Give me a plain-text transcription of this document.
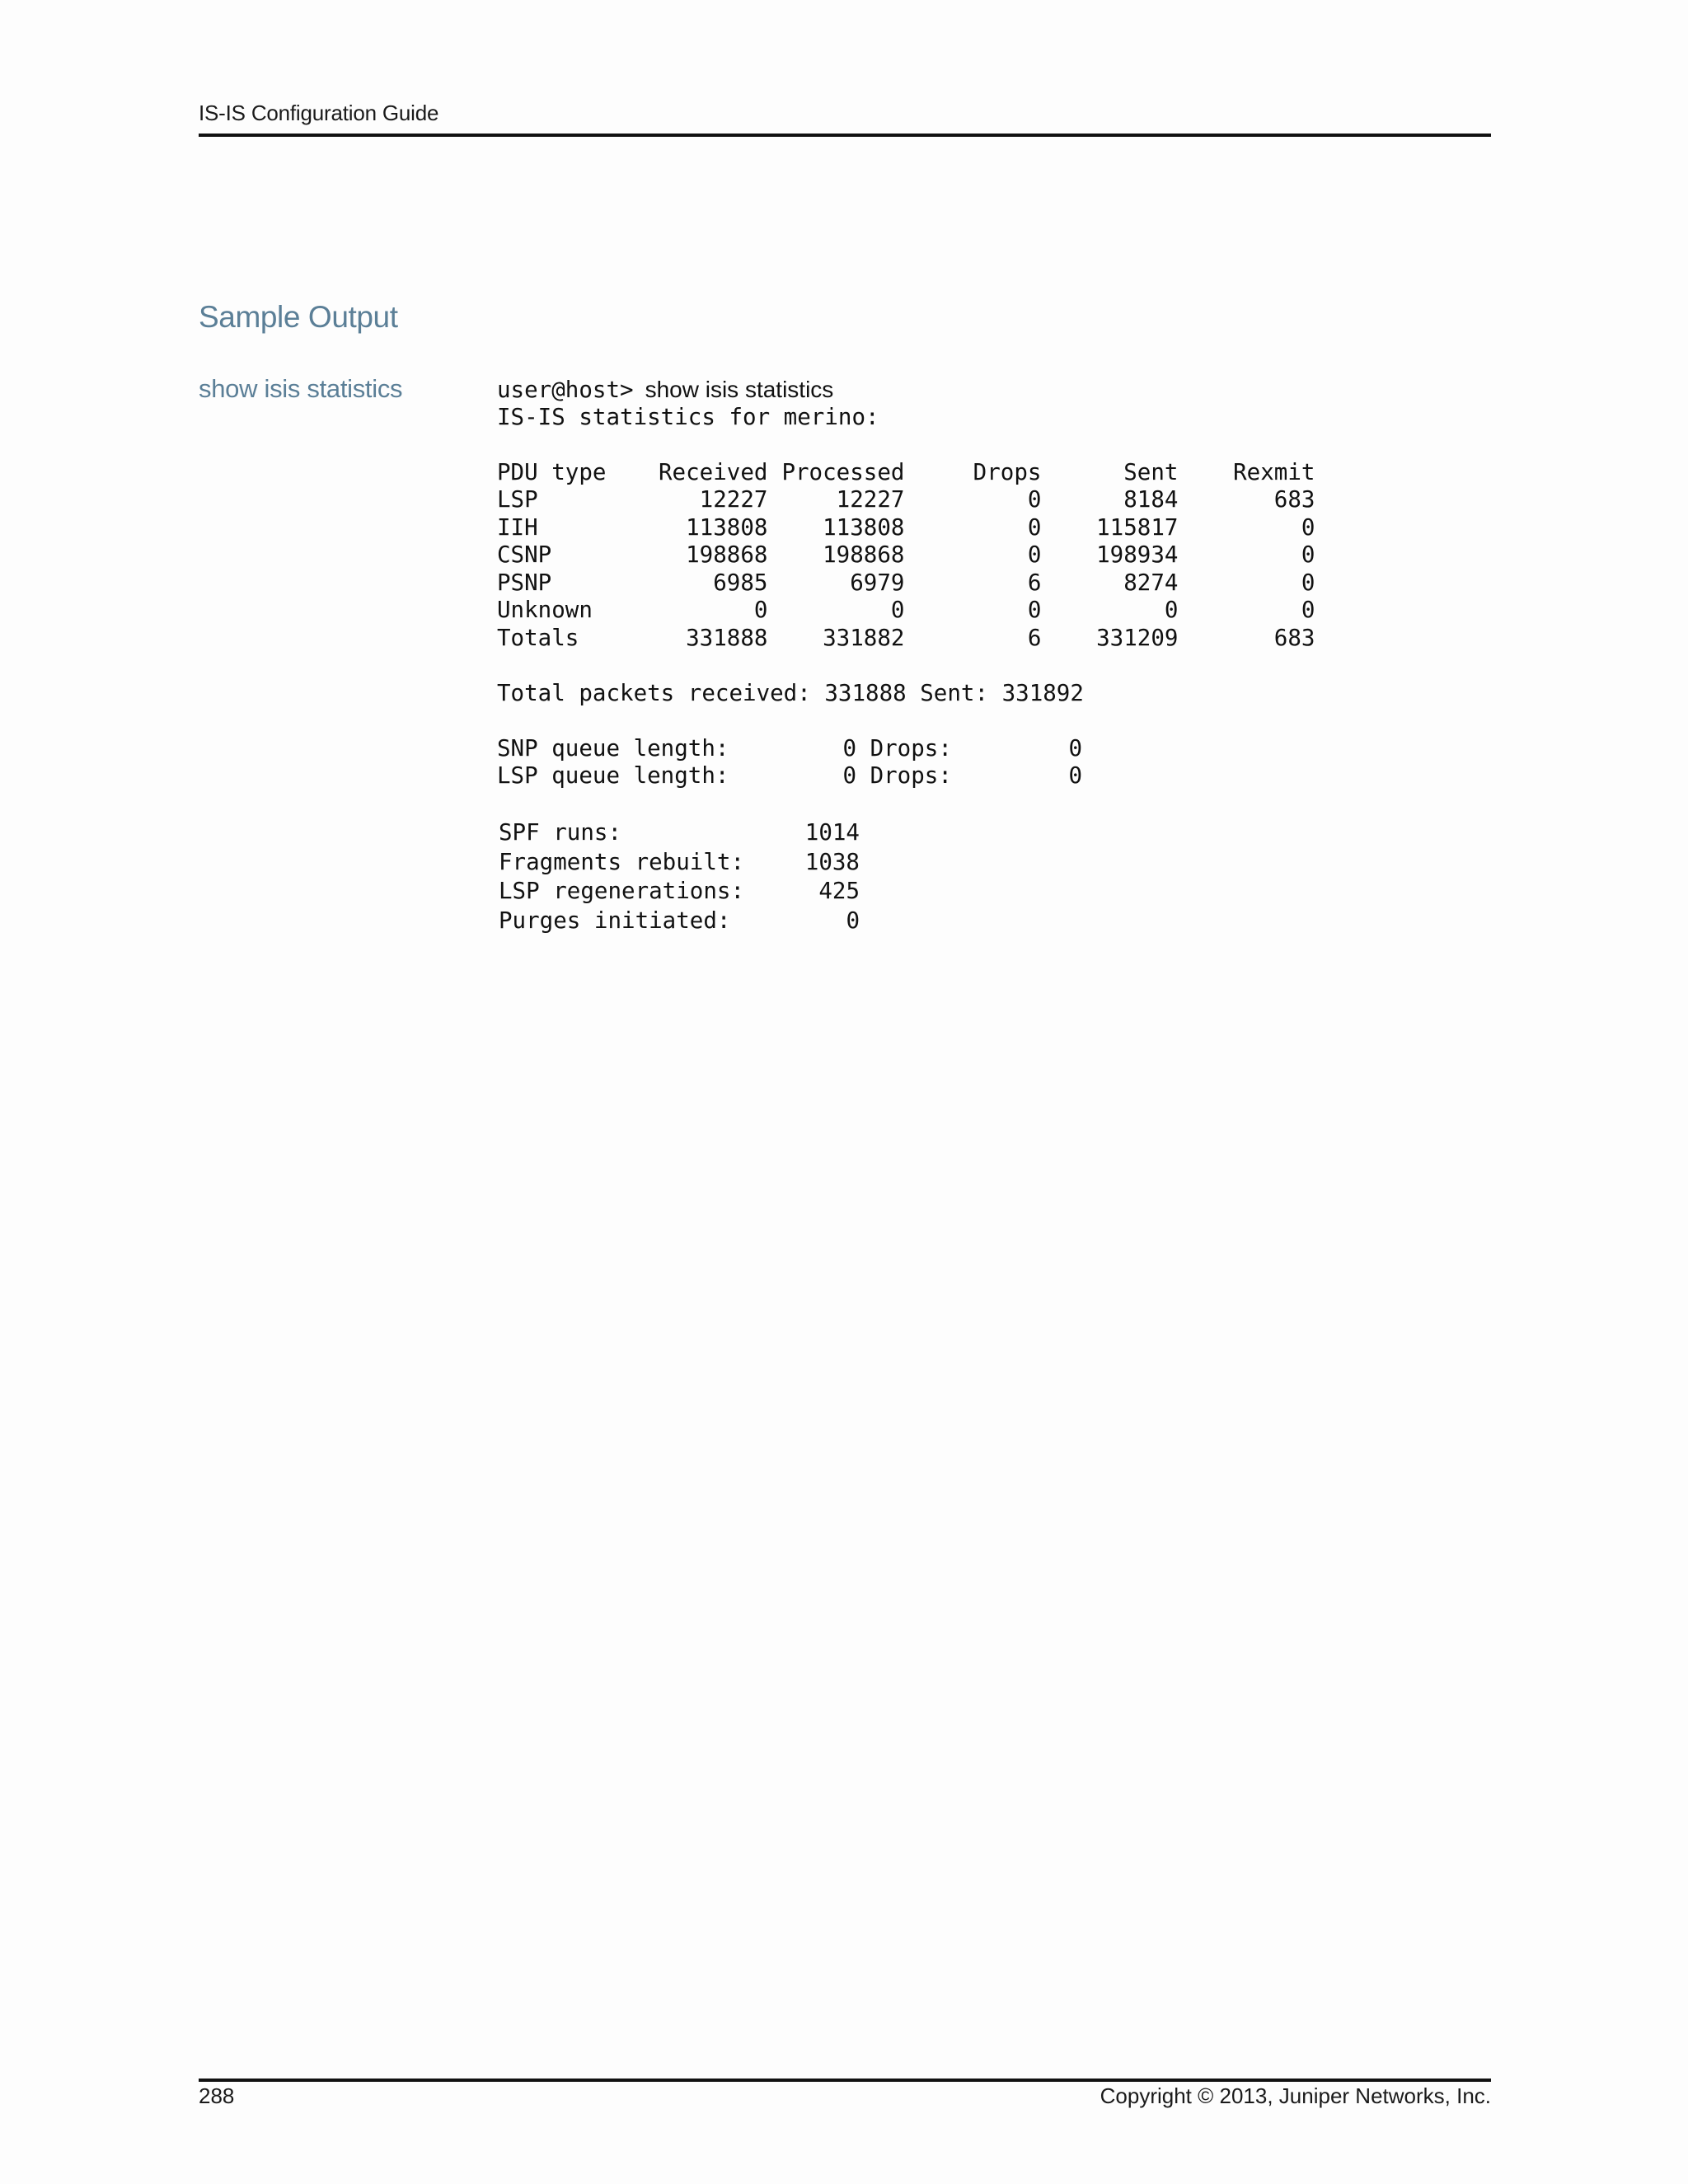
IS-IS Configuration Guide
Sample Output
show isis statistics	user@host> show isis statistics
IS-IS statistics for merino:
PDU type	Received	Processed	Drops	Sent	Rexmit
LSP	12227	12227	0	8184	683
IIH	113808	113808	0	115817	0
CSNP	198868	198868	0	198934	0
PSNP	6985	6979	6	8274	0
Unknown	0	0	0	0	0
Totals	331888	331882	6	331209	683
Total packets received: 331888 Sent: 331892
SNP queue length:	0	Drops:	0
LSP queue length:	0	Drops:	0
SPF runs:	1014
Fragments rebuilt:	1038
LSP regenerations:	425
Purges initiated:	0
288	Copyright © 2013, Juniper Networks, Inc.
